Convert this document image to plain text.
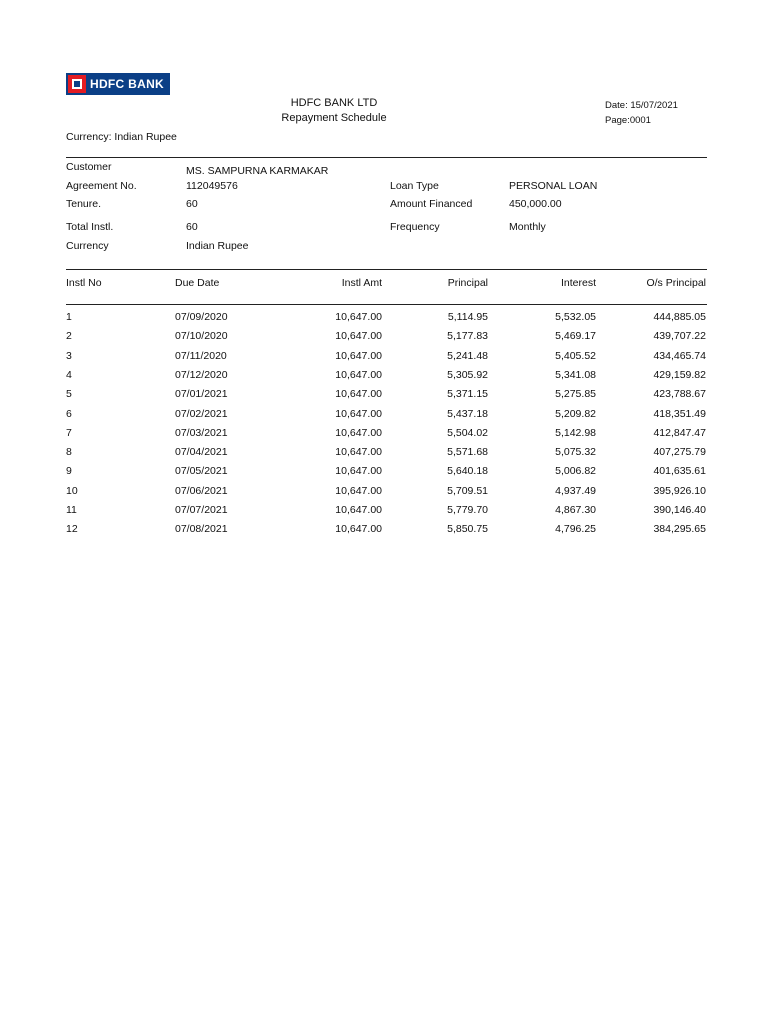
HDFC BANK
HDFC BANK LTD
Repayment Schedule
Date: 15/07/2021
Page:0001
Currency: Indian Rupee
Customer	MS. SAMPURNA KARMAKAR
Agreement No.	112049576	Loan Type	PERSONAL LOAN
Tenure.	60	Amount Financed	450,000.00
Total Instl.	60	Frequency	Monthly
Currency	Indian Rupee
Instl No	Due Date	Instl Amt	Principal	Interest	O/s Principal
1	07/09/2020	10,647.00	5,114.95	5,532.05	444,885.05
2	07/10/2020	10,647.00	5,177.83	5,469.17	439,707.22
3	07/11/2020	10,647.00	5,241.48	5,405.52	434,465.74
4	07/12/2020	10,647.00	5,305.92	5,341.08	429,159.82
5	07/01/2021	10,647.00	5,371.15	5,275.85	423,788.67
6	07/02/2021	10,647.00	5,437.18	5,209.82	418,351.49
7	07/03/2021	10,647.00	5,504.02	5,142.98	412,847.47
8	07/04/2021	10,647.00	5,571.68	5,075.32	407,275.79
9	07/05/2021	10,647.00	5,640.18	5,006.82	401,635.61
10	07/06/2021	10,647.00	5,709.51	4,937.49	395,926.10
11	07/07/2021	10,647.00	5,779.70	4,867.30	390,146.40
12	07/08/2021	10,647.00	5,850.75	4,796.25	384,295.65
